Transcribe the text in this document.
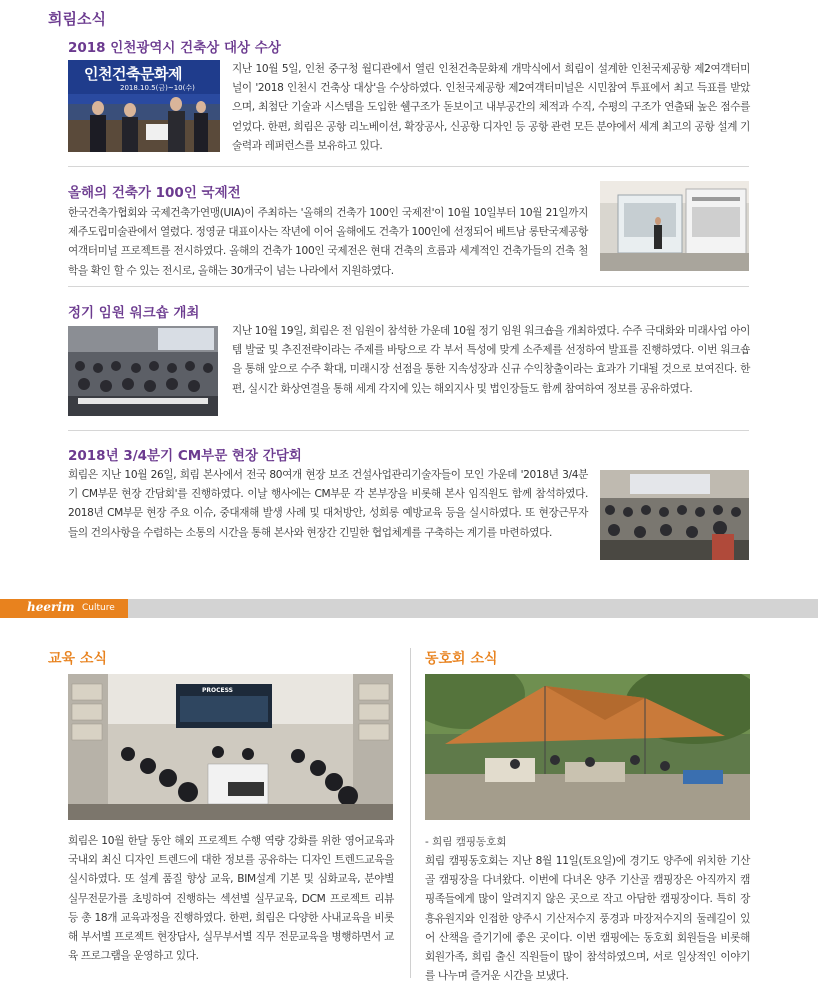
희림소식
2018 인천광역시 건축상 대상 수상
인천건축문화제
2018.10.5(금)~10(수)
지난 10월 5일, 인천 중구청 월디관에서 열린 인천건축문화제 개막식에서 희림이 설계한 인천국제공항 제2여객터미널이 '2018 인천시 건축상 대상'을 수상하였다. 인천국제공항 제2여객터미널은 시민참여 투표에서 최고 득표를 받았으며, 최첨단 기술과 시스템을 도입한 쉘구조가 돋보이고 내부공간의 체적과 수직, 수평의 구조가 연출돼 높은 점수를 얻었다. 한편, 희림은 공항 리노베이션, 확장공사, 신공항 디자인 등 공항 관련 모든 분야에서 세계 최고의 공항 설계 기술력과 레퍼런스를 보유하고 있다.
올해의 건축가 100인 국제전
한국건축가협회와 국제건축가연맹(UIA)이 주최하는 '올해의 건축가 100인 국제전'이 10월 10일부터 10월 21일까지 제주도립미술관에서 열렸다. 정영균 대표이사는 작년에 이어 올해에도 건축가 100인에 선정되어 베트남 롱탄국제공항 여객터미널 프로젝트를 전시하였다. 올해의 건축가 100인 국제전은 현대 건축의 흐름과 세계적인 건축가들의 건축 철학을 확인 할 수 있는 전시로, 올해는 30개국이 넘는 나라에서 지원하였다.
정기 임원 워크숍 개최
지난 10월 19일, 희림은 전 임원이 참석한 가운데 10월 정기 임원 워크숍을 개최하였다. 수주 극대화와 미래사업 아이템 발굴 및 추진전략이라는 주제를 바탕으로 각 부서 특성에 맞게 소주제를 선정하여 발표를 진행하였다. 이번 워크숍을 통해 앞으로 수주 확대, 미래시장 선점을 통한 지속성장과 신규 수익창출이라는 효과가 기대될 것으로 보여진다. 한편, 실시간 화상연결을 통해 세계 각지에 있는 해외지사 및 법인장들도 함께 참여하여 정보를 공유하였다.
2018년 3/4분기 CM부문 현장 간담회
희림은 지난 10월 26일, 희림 본사에서 전국 80여개 현장 보조 건설사업관리기술자들이 모인 가운데 '2018년 3/4분기 CM부문 현장 간담회'를 진행하였다. 이날 행사에는 CM부문 각 본부장을 비롯해 본사 임직원도 함께 참석하였다. 2018년 CM부문 현장 주요 이슈, 중대재해 발생 사례 및 대처방안, 성희롱 예방교육 등을 실시하였다. 또 현장근무자들의 건의사항을 수렴하는 소통의 시간을 통해 본사와 현장간 긴밀한 협업체계를 구축하는 계기를 마련하였다.
heerim Culture
교육 소식
PROCESS
희림은 10월 한달 동안 해외 프로젝트 수행 역량 강화를 위한 영어교육과 국내외 최신 디자인 트렌드에 대한 정보를 공유하는 디자인 트렌드교육을 실시하였다. 또 설계 품질 향상 교육, BIM설계 기본 및 심화교육, 분야별 실무전문가를 초빙하여 진행하는 섹션별 실무교육, DCM 프로젝트 리뷰 등 총 18개 교육과정을 진행하였다. 한편, 희림은 다양한 사내교육을 비롯해 부서별 프로젝트 현장답사, 실무부서별 직무 전문교육을 병행하면서 교육 프로그램을 운영하고 있다.
동호회 소식
- 희림 캠핑동호회
희림 캠핑동호회는 지난 8월 11일(토요일)에 경기도 양주에 위치한 기산골 캠핑장을 다녀왔다. 이번에 다녀온 양주 기산골 캠핑장은 아직까지 캠핑족들에게 많이 알려지지 않은 곳으로 작고 아담한 캠핑장이다. 특히 장흥유원지와 인접한 양주시 기산저수지 풍경과 마장저수지의 둘레길이 있어 산책을 즐기기에 좋은 곳이다. 이번 캠핑에는 동호회 회원들을 비롯해 회원가족, 희림 출신 직원들이 많이 참석하였으며, 서로 일상적인 이야기를 나누며 즐거운 시간을 보냈다.
